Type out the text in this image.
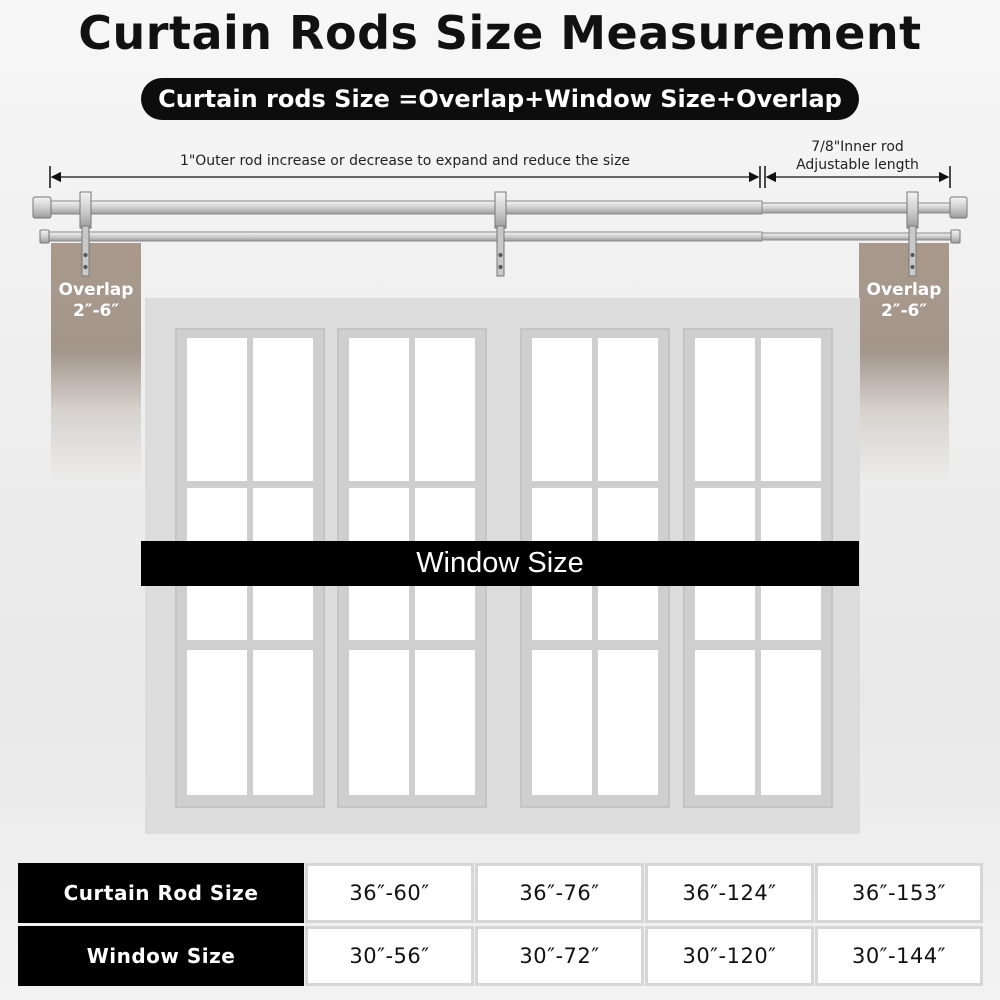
Curtain Rods Size Measurement
Curtain rods Size =Overlap+Window Size+Overlap
1"Outer rod increase or decrease to expand and reduce the size
7/8"Inner rod
Adjustable length
Overlap
2″-6″
Overlap
2″-6″
Window Size
Curtain Rod Size	36″-60″	36″-76″	36″-124″	36″-153″
Window Size	30″-56″	30″-72″	30″-120″	30″-144″
